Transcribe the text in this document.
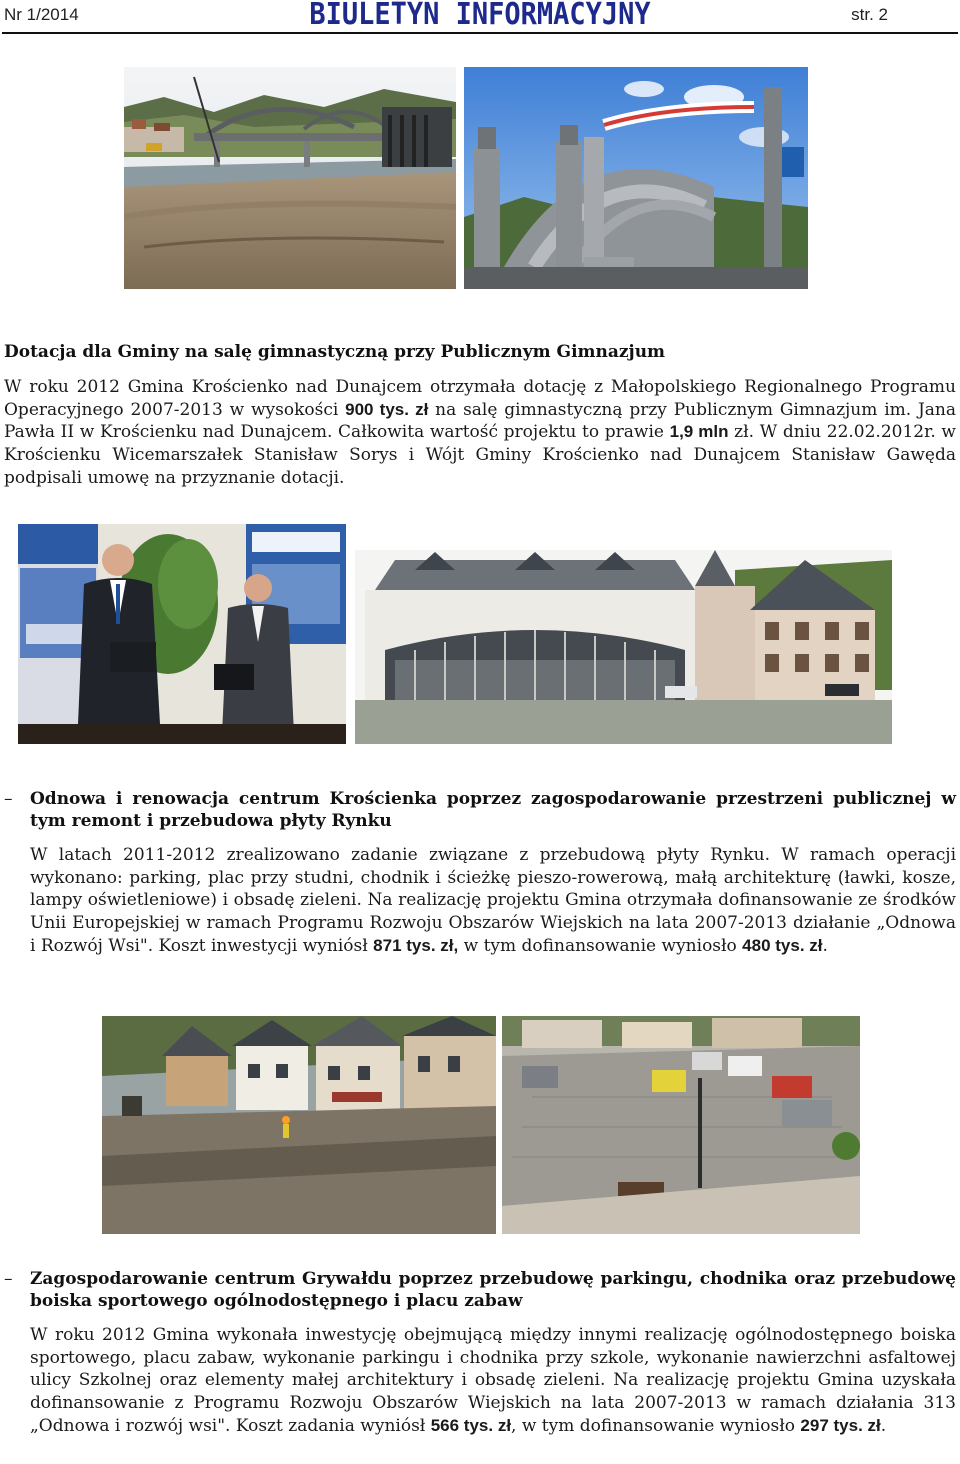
Nr 1/2014	BIULETYN INFORMACYJNY	str. 2
Dotacja dla Gminy na salę gimnastyczną przy Publicznym Gimnazjum
W roku 2012 Gmina Krościenko nad Dunajcem otrzymała dotację z Małopolskiego Regionalnego Programu Operacyjnego 2007-2013 w wysokości 900 tys. zł na salę gimnastyczną przy Publicznym Gimnazjum im. Jana Pawła II w Krościenku nad Dunajcem. Całkowita wartość projektu to prawie 1,9 mln zł. W dniu 22.02.2012r. w Krościenku Wicemarszałek Stanisław Sorys i Wójt Gminy Krościenko nad Dunajcem Stanisław Gawęda podpisali umowę na przyznanie dotacji.
– Odnowa i renowacja centrum Krościenka poprzez zagospodarowanie przestrzeni publicznej w tym remont i przebudowa płyty Rynku
W latach 2011-2012 zrealizowano zadanie związane z przebudową płyty Rynku. W ramach operacji wykonano: parking, plac przy studni, chodnik i ścieżkę pieszo-rowerową, małą architekturę (ławki, kosze, lampy oświetleniowe) i obsadę zieleni. Na realizację projektu Gmina otrzymała dofinansowanie ze środków Unii Europejskiej w ramach Programu Rozwoju Obszarów Wiejskich na lata 2007-2013 działanie „Odnowa i Rozwój Wsi". Koszt inwestycji wyniósł 871 tys. zł, w tym dofinansowanie wyniosło 480 tys. zł.
– Zagospodarowanie centrum Grywałdu poprzez przebudowę parkingu, chodnika oraz przebudowę boiska sportowego ogólnodostępnego i placu zabaw
W roku 2012 Gmina wykonała inwestycję obejmującą między innymi realizację ogólnodostępnego boiska sportowego, placu zabaw, wykonanie parkingu i chodnika przy szkole, wykonanie nawierzchni asfaltowej ulicy Szkolnej oraz elementy małej architektury i obsadę zieleni. Na realizację projektu Gmina uzyskała dofinansowanie z Programu Rozwoju Obszarów Wiejskich na lata 2007-2013 w ramach działania 313 „Odnowa i rozwój wsi". Koszt zadania wyniósł 566 tys. zł, w tym dofinansowanie wyniosło 297 tys. zł.
